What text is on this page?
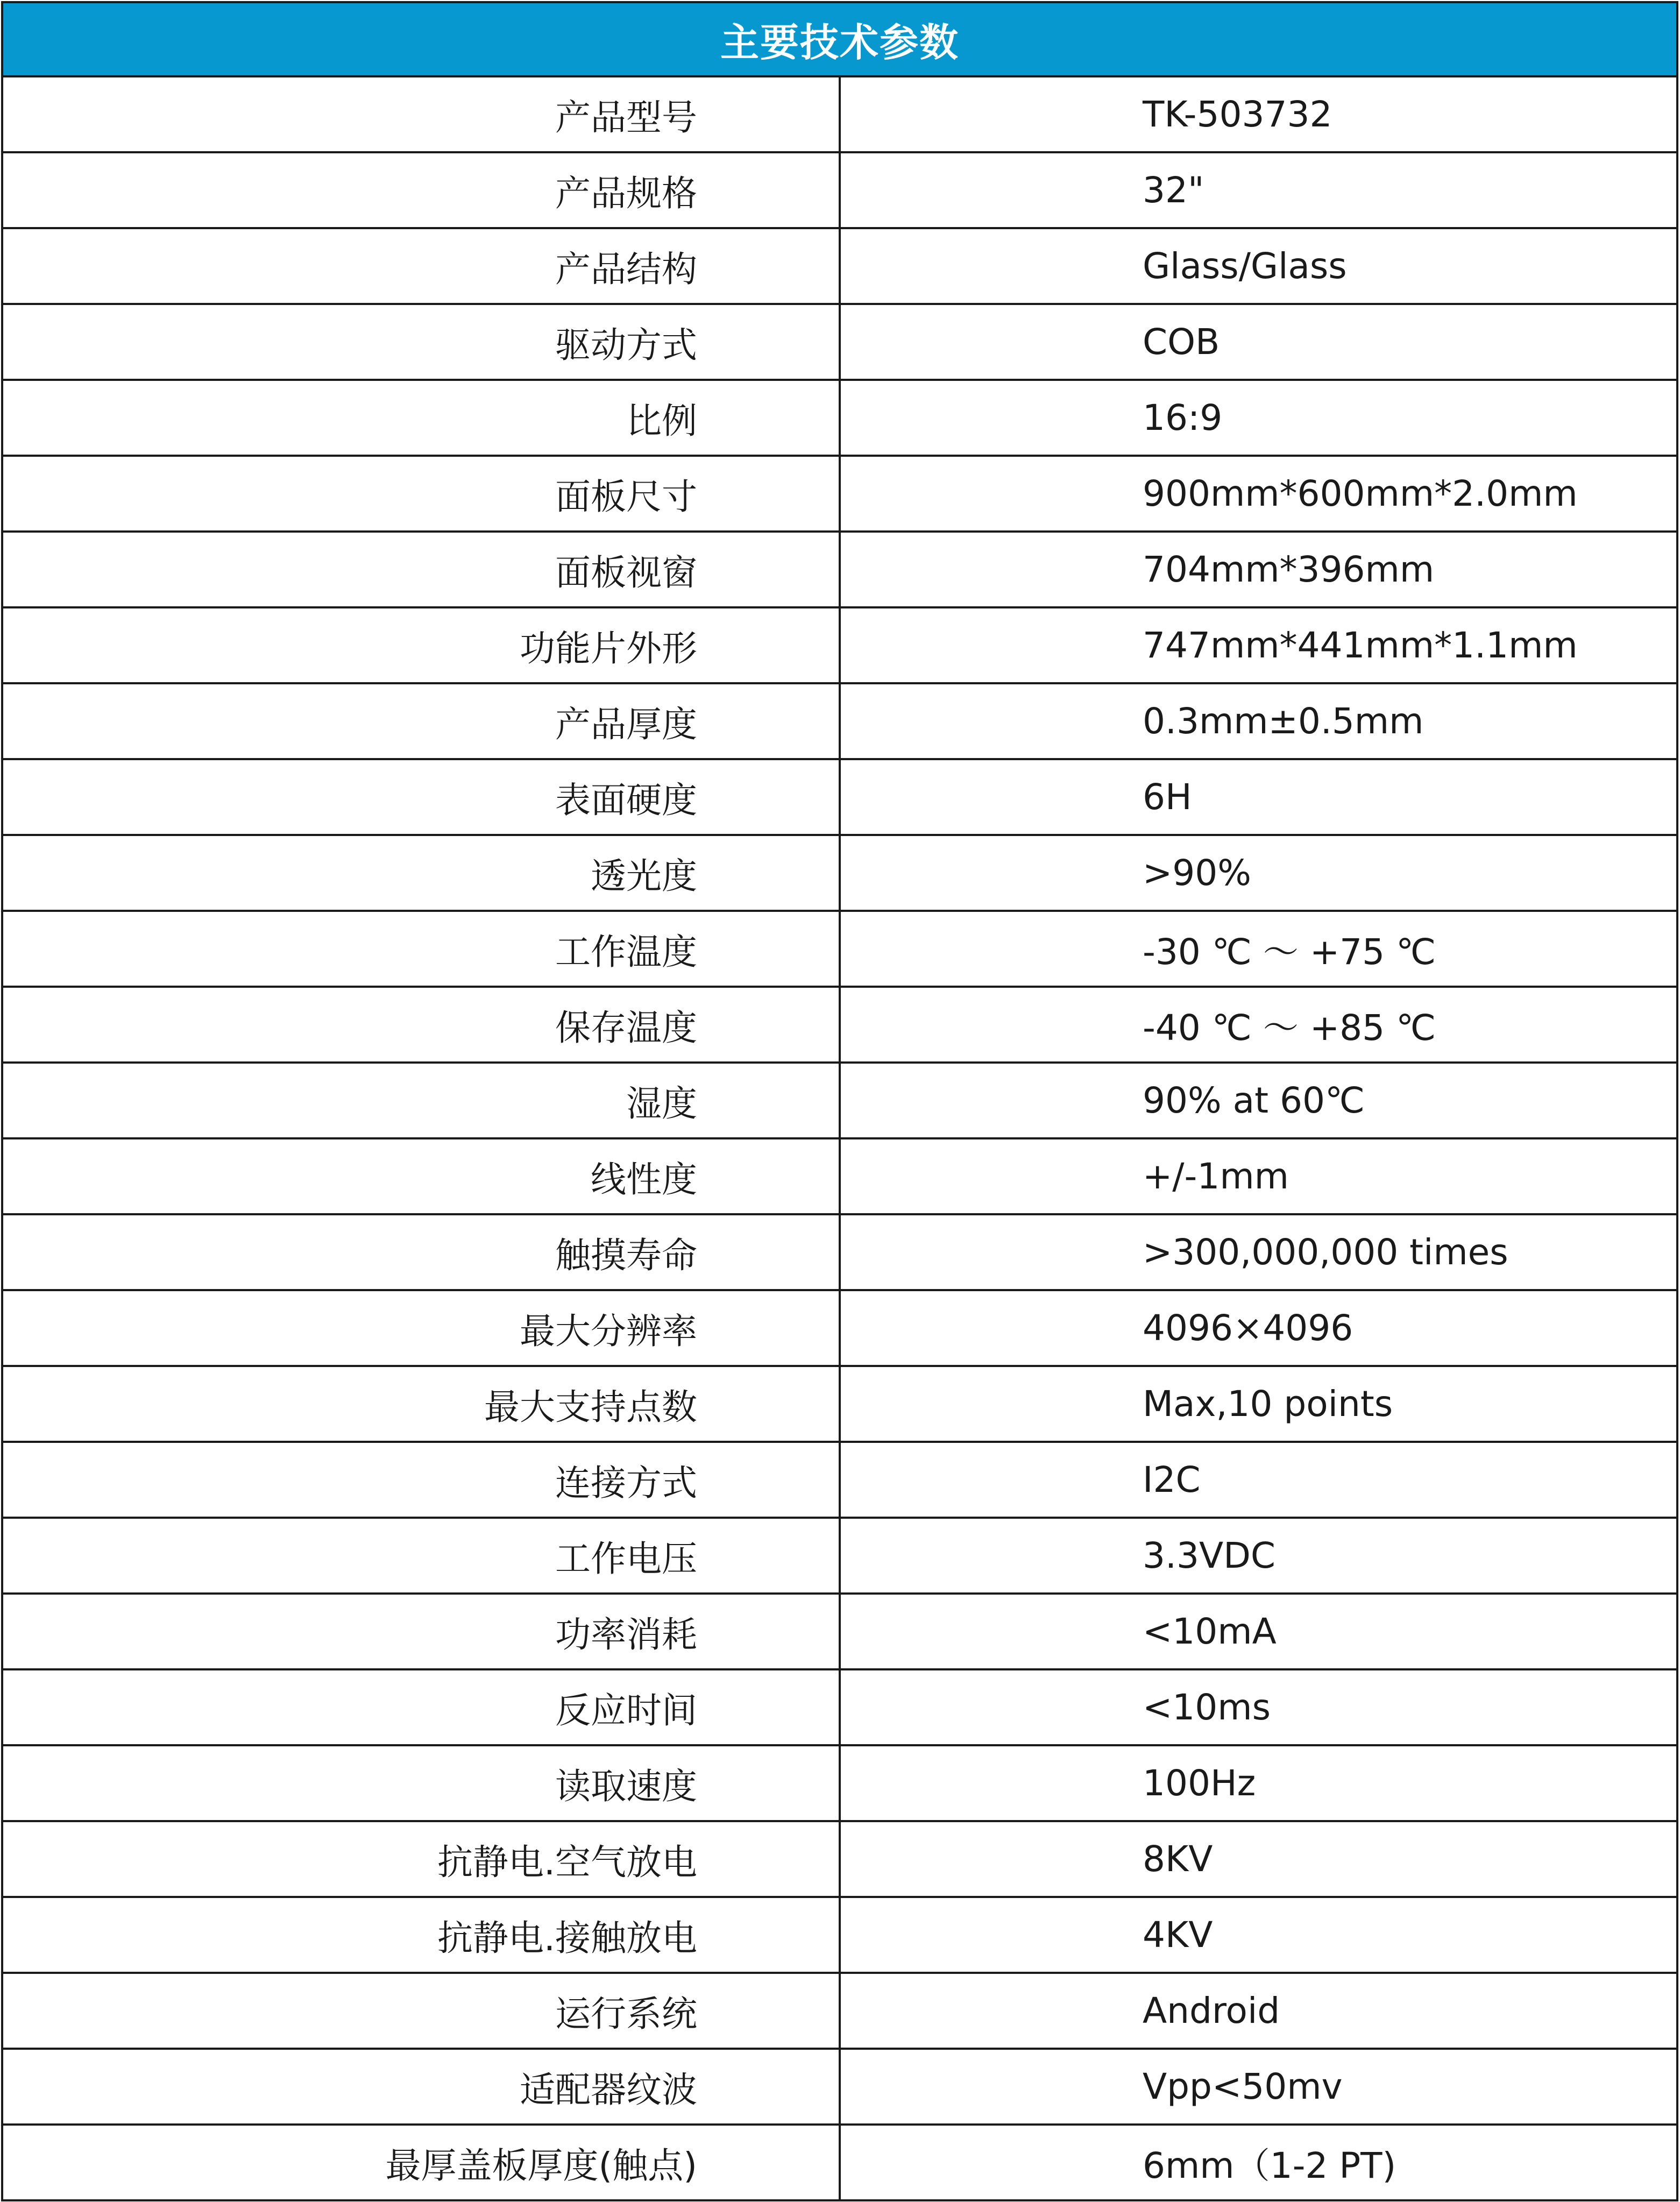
主要技术参数	
产品型号	TK-503732
产品规格	32"
产品结构	Glass/Glass
驱动方式	COB
比例	16:9
面板尺寸	900mm*600mm*2.0mm
面板视窗	704mm*396mm
功能片外形	747mm*441mm*1.1mm
产品厚度	0.3mm±0.5mm
表面硬度	6H
透光度	>90%
工作温度	-30 ℃ ～ +75 ℃
保存温度	-40 ℃ ～ +85 ℃
湿度	90% at 60℃
线性度	+/-1mm
触摸寿命	>300,000,000 times
最大分辨率	4096×4096
最大支持点数	Max,10 points
连接方式	I2C
工作电压	3.3VDC
功率消耗	<10mA
反应时间	<10ms
读取速度	100Hz
抗静电.空气放电	8KV
抗静电.接触放电	4KV
运行系统	Android
适配器纹波	Vpp<50mv
最厚盖板厚度(触点)	6mm（1-2 PT)
